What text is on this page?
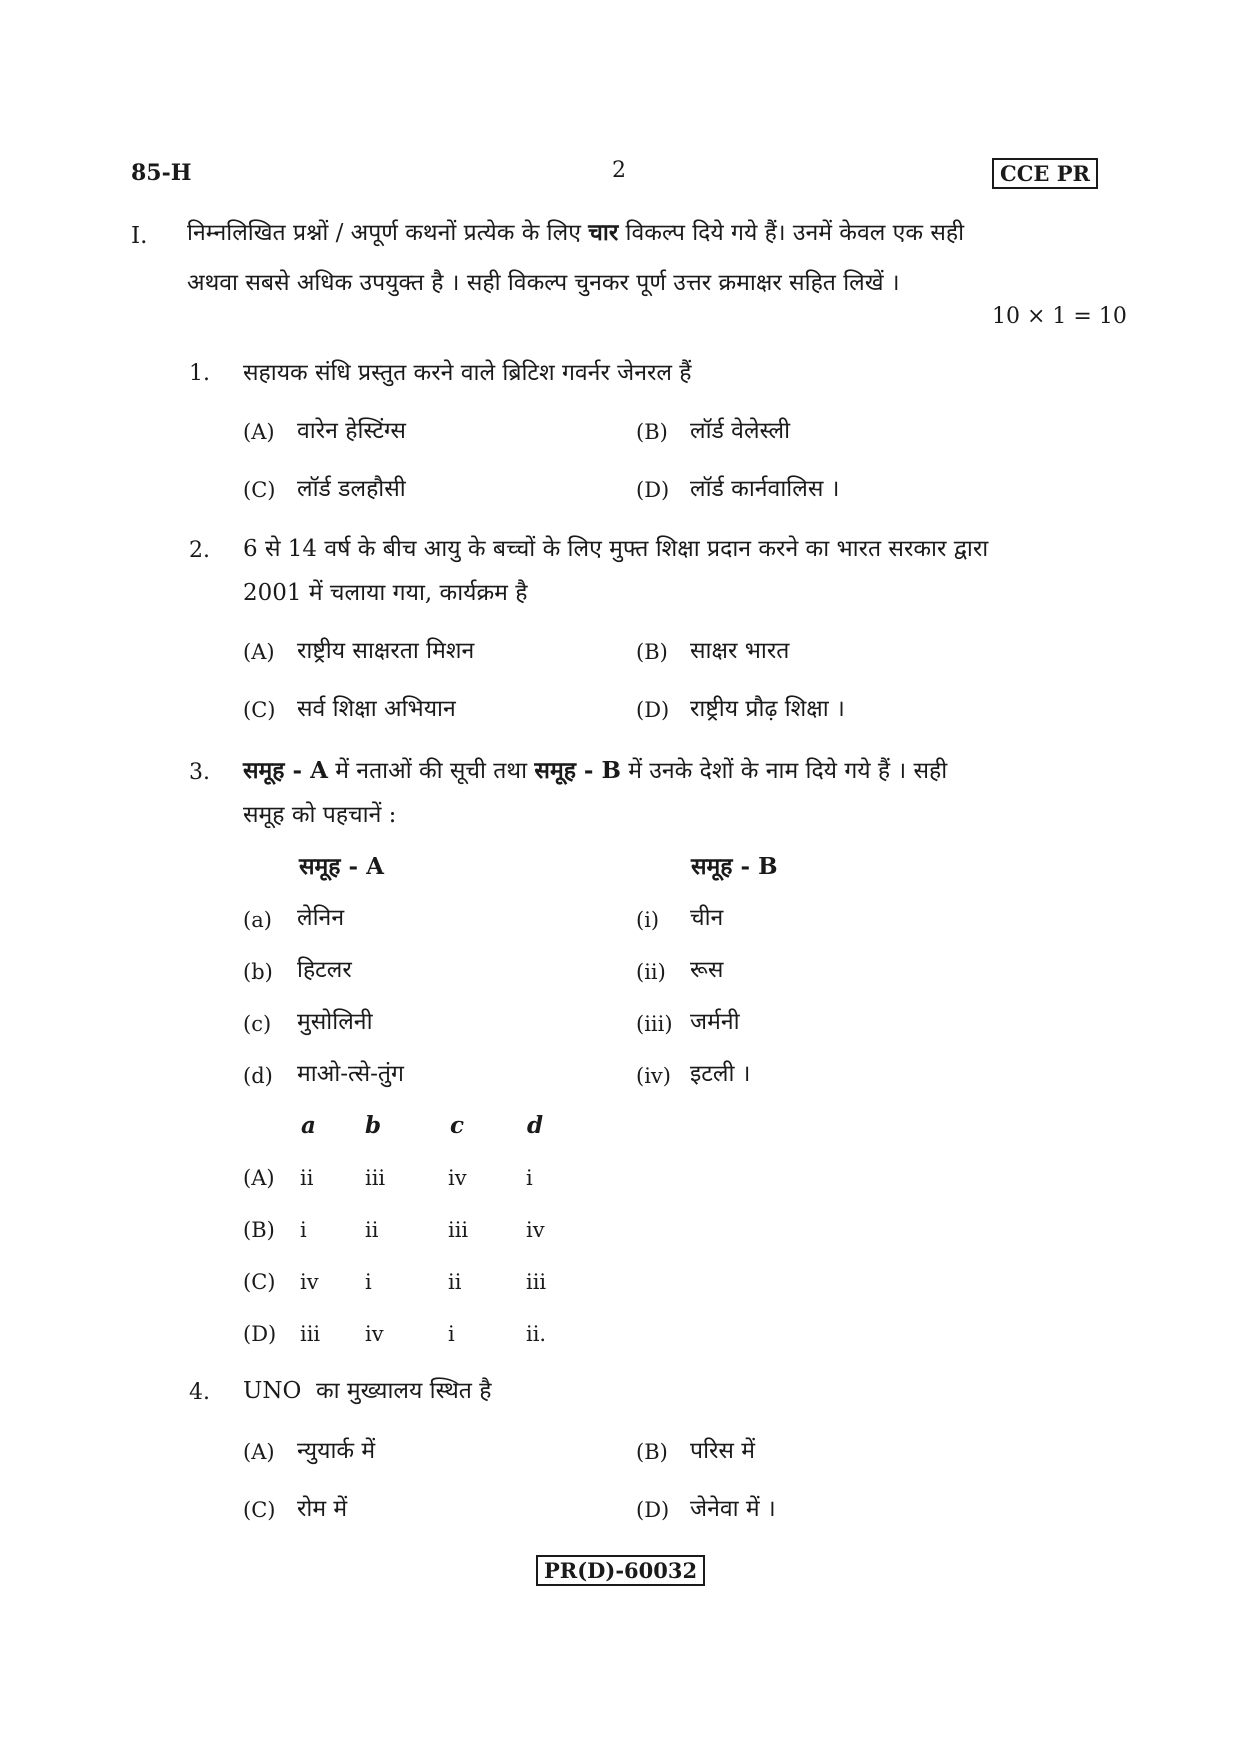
85-H	2	CCE PR
I. निम्नलिखित प्रश्नों / अपूर्ण कथनों प्रत्येक के लिए चार विकल्प दिये गये हैं। उनमें केवल एक सही
अथवा सबसे अधिक उपयुक्त है । सही विकल्प चुनकर पूर्ण उत्तर क्रमाक्षर सहित लिखें ।
10 × 1 = 10
1. सहायक संधि प्रस्तुत करने वाले ब्रिटिश गवर्नर जेनरल हैं
(A) वारेन हेस्टिंग्स	(B) लॉर्ड वेलेस्ली
(C) लॉर्ड डलहौसी	(D) लॉर्ड कार्नवालिस ।
2. 6 से 14 वर्ष के बीच आयु के बच्चों के लिए मुफ्त शिक्षा प्रदान करने का भारत सरकार द्वारा
2001 में चलाया गया, कार्यक्रम है
(A) राष्ट्रीय साक्षरता मिशन	(B) साक्षर भारत
(C) सर्व शिक्षा अभियान	(D) राष्ट्रीय प्रौढ़ शिक्षा ।
3. समूह - A में नताओं की सूची तथा समूह - B में उनके देशों के नाम दिये गये हैं । सही
समूह को पहचानें :
समूह - A	समूह - B
(a) लेनिन	(i) चीन
(b) हिटलर	(ii) रूस
(c) मुसोलिनी	(iii) जर्मनी
(d) माओ-त्से-तुंग	(iv) इटली ।
a b	c	d
(A) ii iii	iv	i
(B) i	ii	iii	iv
(C) iv i	ii	iii
(D) iii iv	i	ii.
4. UNO  का मुख्यालय स्थित है
(A) न्युयार्क में	(B) परिस में
(C) रोम में	(D) जेनेवा में ।
PR(D)-60032
